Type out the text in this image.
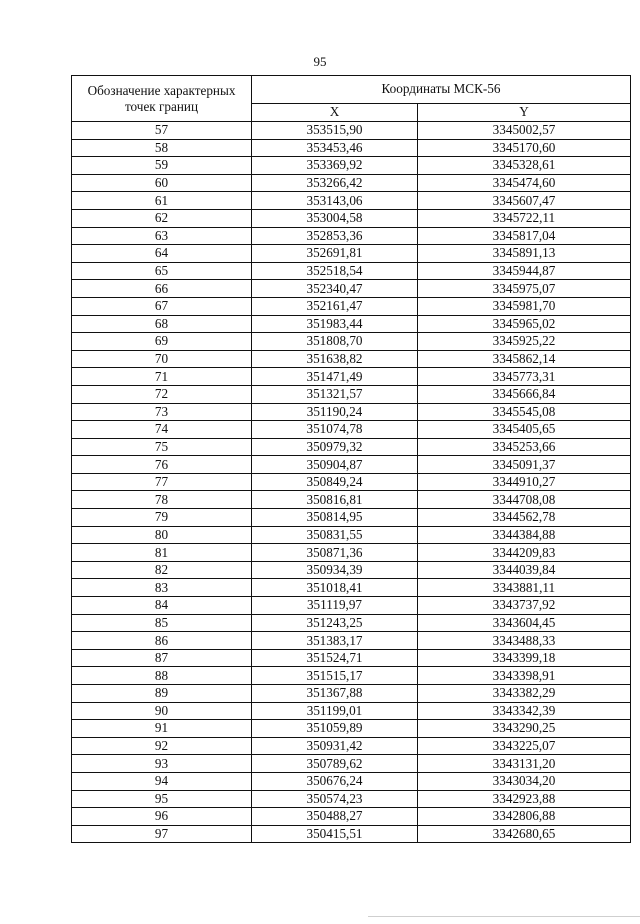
95
Обозначение характерных точек границ	Координаты МСК-56	
	X	Y
57	353515,90	3345002,57
58	353453,46	3345170,60
59	353369,92	3345328,61
60	353266,42	3345474,60
61	353143,06	3345607,47
62	353004,58	3345722,11
63	352853,36	3345817,04
64	352691,81	3345891,13
65	352518,54	3345944,87
66	352340,47	3345975,07
67	352161,47	3345981,70
68	351983,44	3345965,02
69	351808,70	3345925,22
70	351638,82	3345862,14
71	351471,49	3345773,31
72	351321,57	3345666,84
73	351190,24	3345545,08
74	351074,78	3345405,65
75	350979,32	3345253,66
76	350904,87	3345091,37
77	350849,24	3344910,27
78	350816,81	3344708,08
79	350814,95	3344562,78
80	350831,55	3344384,88
81	350871,36	3344209,83
82	350934,39	3344039,84
83	351018,41	3343881,11
84	351119,97	3343737,92
85	351243,25	3343604,45
86	351383,17	3343488,33
87	351524,71	3343399,18
88	351515,17	3343398,91
89	351367,88	3343382,29
90	351199,01	3343342,39
91	351059,89	3343290,25
92	350931,42	3343225,07
93	350789,62	3343131,20
94	350676,24	3343034,20
95	350574,23	3342923,88
96	350488,27	3342806,88
97	350415,51	3342680,65
